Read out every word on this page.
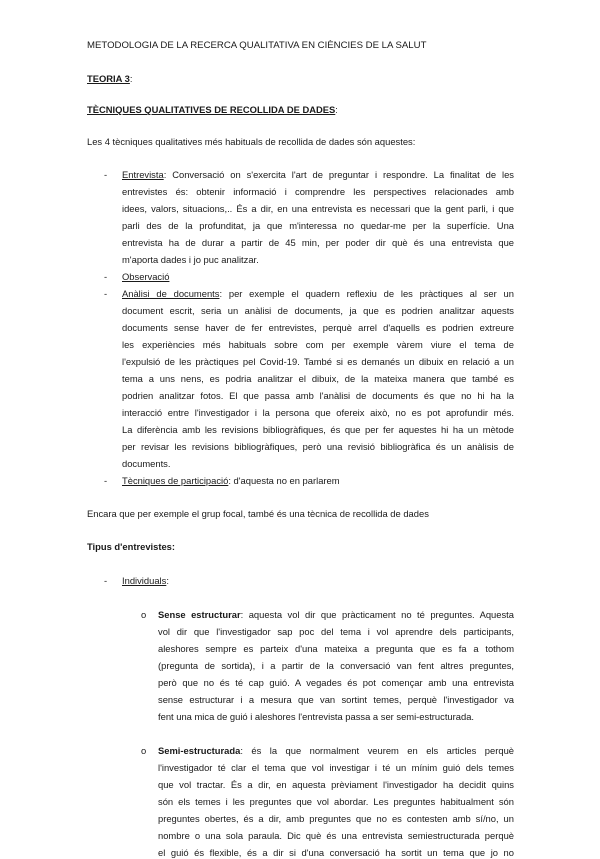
METODOLOGIA DE LA RECERCA QUALITATIVA EN CIÈNCIES DE LA SALUT
TEORIA 3:
TÈCNIQUES QUALITATIVES DE RECOLLIDA DE DADES:
Les 4 tècniques qualitatives més habituals de recollida de dades són aquestes:
- Entrevista: Conversació on s'exercita l'art de preguntar i respondre. La finalitat de les
entrevistes és: obtenir informació i comprendre les perspectives relacionades amb
idees, valors, situacions,.. És a dir, en una entrevista es necessari que la gent parli, i que
parli des de la profunditat, ja que m'interessa no quedar-me per la superfície. Una
entrevista ha de durar a partir de 45 min, per poder dir què és una entrevista que
m'aporta dades i jo puc analitzar.
- Observació
- Anàlisi de documents: per exemple el quadern reflexiu de les pràctiques al ser un
document escrit, seria un anàlisi de documents, ja que es podrien analitzar aquests
documents sense haver de fer entrevistes, perquè arrel d'aquells es podrien extreure
les experiències més habituals sobre com per exemple vàrem viure el tema de
l'expulsió de les pràctiques pel Covid-19. També si es demanés un dibuix en relació a un
tema a uns nens, es podria analitzar el dibuix, de la mateixa manera que també es
podrien analitzar fotos. El que passa amb l'anàlisi de documents és que no hi ha la
interacció entre l'investigador i la persona que ofereix això, no es pot aprofundir més.
La diferència amb les revisions bibliogràfiques, és que per fer aquestes hi ha un mètode
per revisar les revisions bibliogràfiques, però una revisió bibliogràfica és un anàlisis de
documents.
- Tècniques de participació: d'aquesta no en parlarem
Encara que per exemple el grup focal, també és una tècnica de recollida de dades
Tipus d'entrevistes:
- Individuals:
o Sense estructurar: aquesta vol dir que pràcticament no té preguntes. Aquesta
vol dir que l'investigador sap poc del tema i vol aprendre dels participants,
aleshores sempre es parteix d'una mateixa a pregunta que es fa a tothom
(pregunta de sortida), i a partir de la conversació van fent altres preguntes,
però que no és té cap guió. A vegades és pot començar amb una entrevista
sense estructurar i a mesura que van sortint temes, perquè l'investigador va
fent una mica de guió i aleshores l'entrevista passa a ser semi-estructurada.
o Semi-estructurada: és la que normalment veurem en els articles perquè
l'investigador té clar el tema que vol investigar i té un mínim guió dels temes
que vol tractar. És a dir, en aquesta prèviament l'investigador ha decidit quins
són els temes i les preguntes que vol abordar. Les preguntes habitualment són
preguntes obertes, és a dir, amb preguntes que no es contesten amb sí/no, un
nombre o una sola paraula. Dic què és una entrevista semiestructurada perquè
el guió és flexible, és a dir si d'una conversació ha sortit un tema que jo no
